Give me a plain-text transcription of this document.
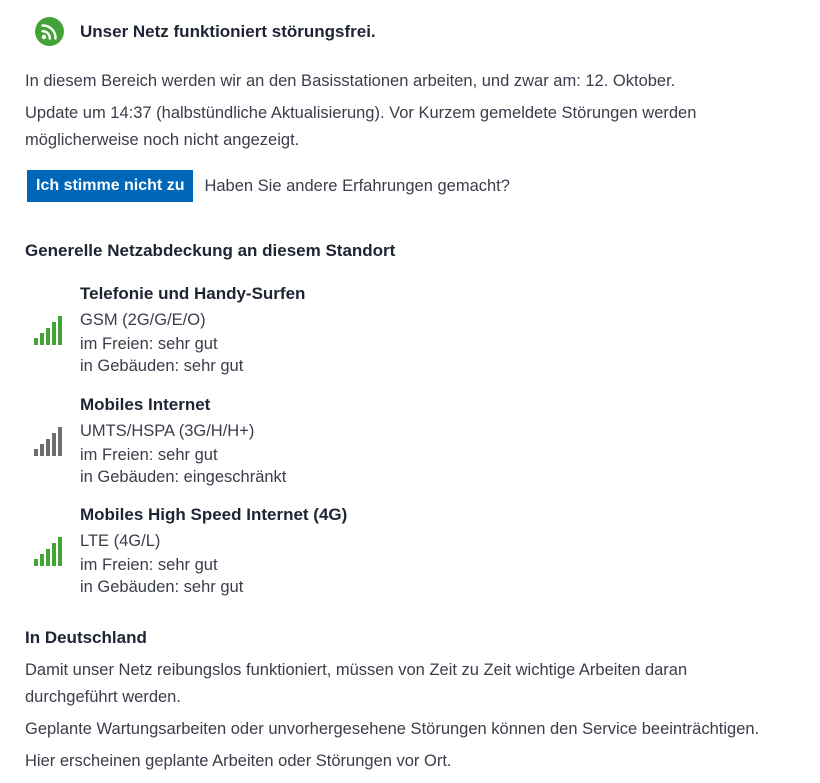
Unser Netz funktioniert störungsfrei.
In diesem Bereich werden wir an den Basisstationen arbeiten, und zwar am: 12. Oktober.
Update um 14:37 (halbstündliche Aktualisierung). Vor Kurzem gemeldete Störungen werden möglicherweise noch nicht angezeigt.
Ich stimme nicht zu	Haben Sie andere Erfahrungen gemacht?
Generelle Netzabdeckung an diesem Standort
Telefonie und Handy-Surfen
GSM (2G/G/E/O)
im Freien: sehr gut
in Gebäuden: sehr gut
Mobiles Internet
UMTS/HSPA (3G/H/H+)
im Freien: sehr gut
in Gebäuden: eingeschränkt
Mobiles High Speed Internet (4G)
LTE (4G/L)
im Freien: sehr gut
in Gebäuden: sehr gut
In Deutschland
Damit unser Netz reibungslos funktioniert, müssen von Zeit zu Zeit wichtige Arbeiten daran durchgeführt werden.
Geplante Wartungsarbeiten oder unvorhergesehene Störungen können den Service beeinträchtigen.
Hier erscheinen geplante Arbeiten oder Störungen vor Ort.
